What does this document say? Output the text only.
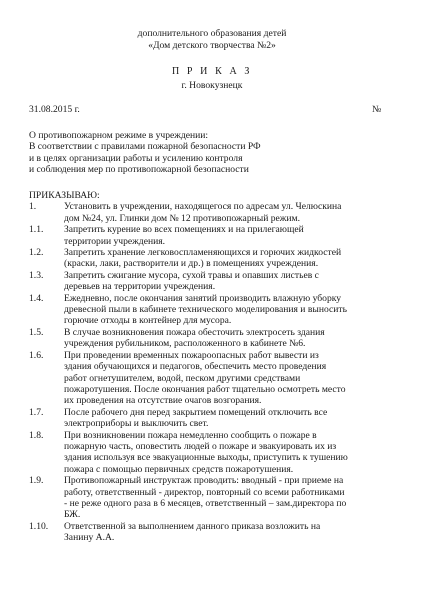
дополнительного образования детей
«Дом детского творчества №2»
П Р И К А З
г. Новокузнецк
31.08.2015 г.	№
О противопожарном режиме в учреждении:
В соответствии с правилами пожарной безопасности РФ
и в целях организации работы и усилению контроля
и соблюдения мер по противопожарной безопасности
ПРИКАЗЫВАЮ:
1.	Установить в учреждении, находящегося по адресам ул. Челюскина
дом №24, ул. Глинки дом № 12 противопожарный режим.
1.1.	Запретить курение во всех помещениях и на прилегающей
территории учреждения.
1.2.	Запретить хранение легковоспламеняющихся и горючих жидкостей
(краски, лаки, растворители и др.) в помещениях учреждения.
1.3.	Запретить сжигание мусора, сухой травы и опавших листьев с
деревьев на территории учреждения.
1.4.	Ежедневно, после окончания занятий производить влажную уборку
древесной пыли в кабинете технического моделирования и выносить
горючие отходы в контейнер для мусора.
1.5.	В случае возникновения пожара обесточить электросеть здания
учреждения рубильником, расположенного в кабинете №6.
1.6.	При проведении временных пожароопасных работ вывести из
здания обучающихся и педагогов, обеспечить место проведения
работ огнетушителем, водой, песком другими средствами
пожаротушения. После окончания работ тщательно осмотреть место
их проведения на отсутствие очагов возгорания.
1.7.	После рабочего дня перед закрытием помещений отключить все
электроприборы и выключить свет.
1.8.	При возникновении пожара немедленно сообщить о пожаре в
пожарную часть, оповестить людей о пожаре и эвакуировать их из
здания используя все эвакуационные выходы, приступить к тушению
пожара с помощью первичных средств пожаротушения.
1.9.	Противопожарный инструктаж проводить: вводный - при приеме на
работу, ответственный - директор, повторный со всеми работниками
- не реже одного раза в 6 месяцев, ответственный – зам.директора по
БЖ.
1.10.	Ответственной за выполнением данного приказа возложить на
Занину А.А.
